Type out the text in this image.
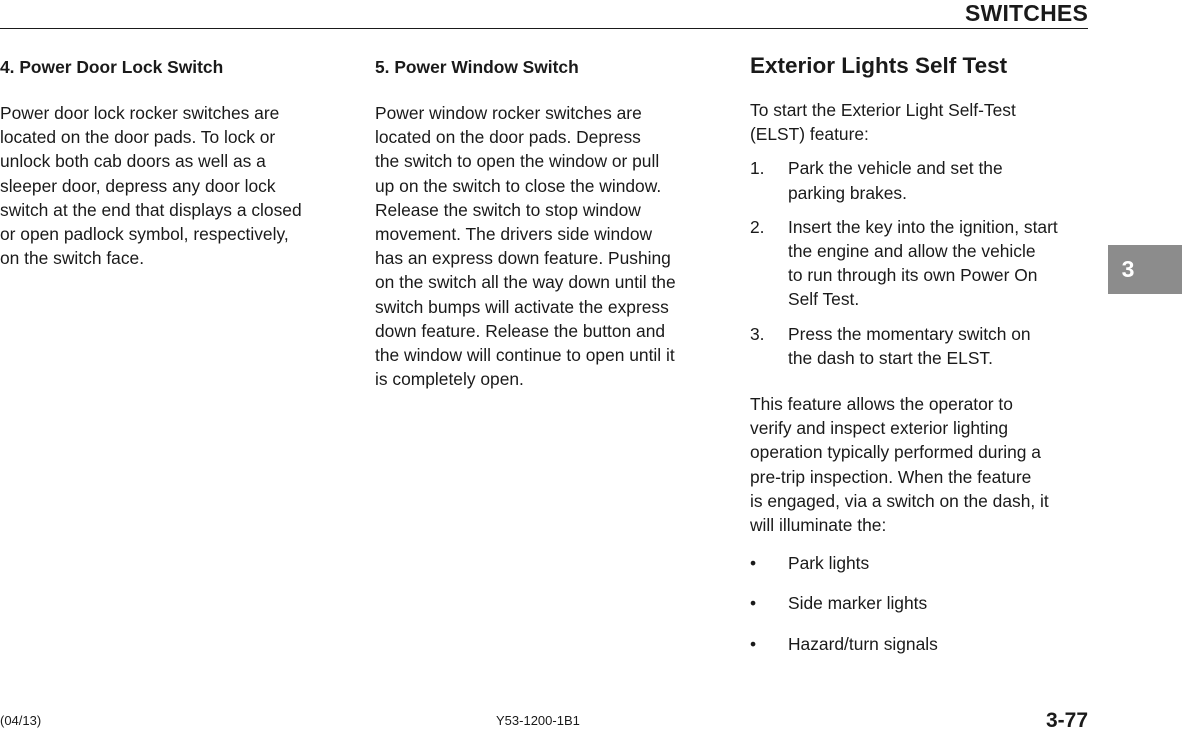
SWITCHES
4. Power Door Lock Switch

Power door lock rocker switches are
located on the door pads. To lock or
unlock both cab doors as well as a
sleeper door, depress any door lock
switch at the end that displays a closed
or open padlock symbol, respectively,
on the switch face.

5. Power Window Switch

Power window rocker switches are
located on the door pads. Depress
the switch to open the window or pull
up on the switch to close the window.
Release the switch to stop window
movement. The drivers side window
has an express down feature. Pushing
on the switch all the way down until the
switch bumps will activate the express
down feature. Release the button and
the window will continue to open until it
is completely open.

Exterior Lights Self Test

To start the Exterior Light Self-Test
(ELST) feature:

1.	Park the vehicle and set the
parking brakes.
2.	Insert the key into the ignition, start
the engine and allow the vehicle
to run through its own Power On
Self Test.
3.	Press the momentary switch on
the dash to start the ELST.

This feature allows the operator to
verify and inspect exterior lighting
operation typically performed during a
pre-trip inspection. When the feature
is engaged, via a switch on the dash, it
will illuminate the:

•	Park lights
•	Side marker lights
•	Hazard/turn signals
3
(04/13)	Y53-1200-1B1	3-77
